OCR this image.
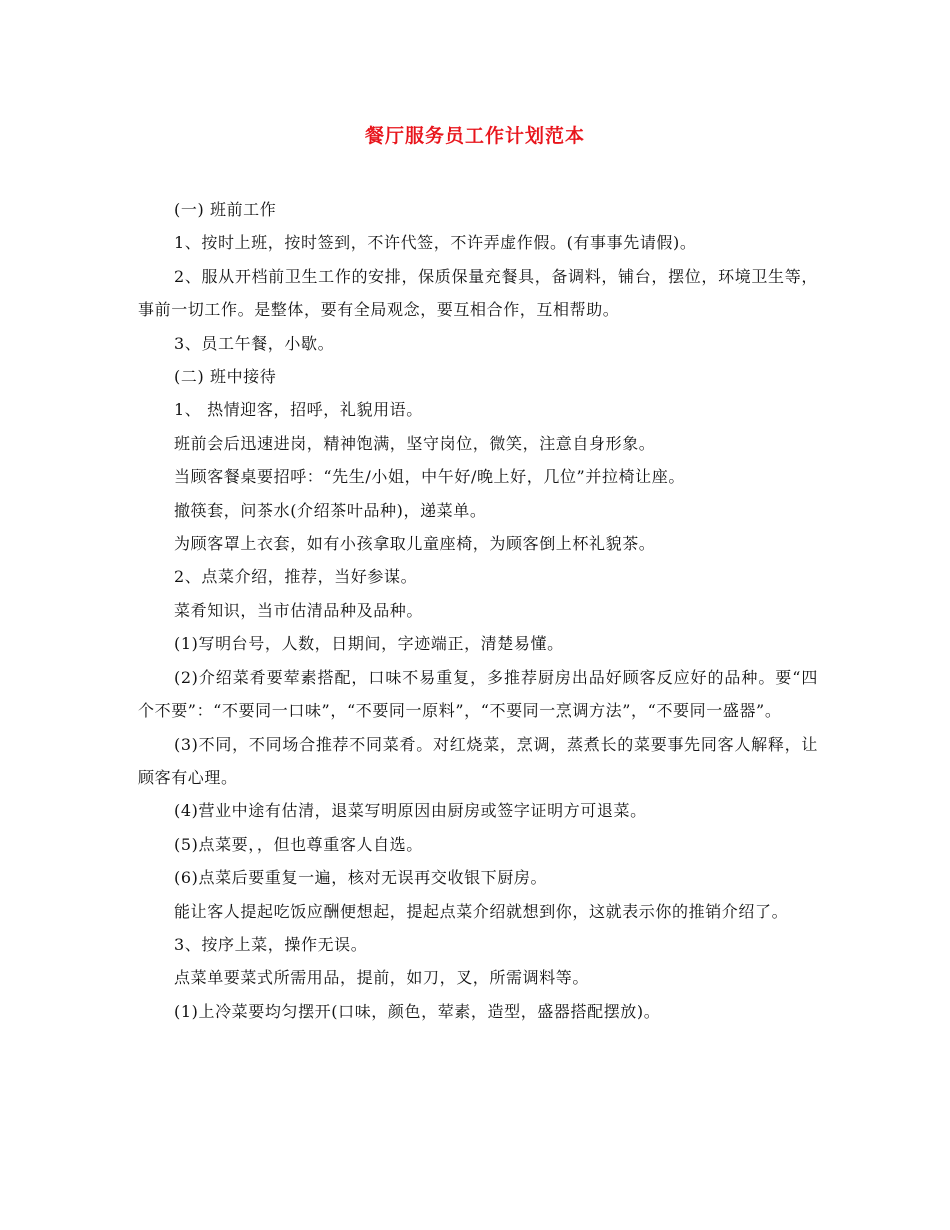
餐厅服务员工作计划范本

(一) 班前工作

1、按时上班，按时签到，不许代签，不许弄虚作假。(有事事先请假)。

2、服从开档前卫生工作的安排，保质保量充餐具，备调料，铺台，摆位，环境卫生等，事前一切工作。是整体，要有全局观念，要互相合作，互相帮助。

3、员工午餐，小歇。

(二) 班中接待

1、 热情迎客，招呼，礼貌用语。

班前会后迅速进岗，精神饱满，坚守岗位，微笑，注意自身形象。

当顾客餐桌要招呼：“先生/小姐，中午好/晚上好，几位”并拉椅让座。

撤筷套，问茶水(介绍茶叶品种)，递菜单。

为顾客罩上衣套，如有小孩拿取儿童座椅，为顾客倒上杯礼貌茶。

2、点菜介绍，推荐，当好参谋。

菜肴知识，当市估清品种及品种。

(1)写明台号，人数，日期间，字迹端正，清楚易懂。

(2)介绍菜肴要荤素搭配，口味不易重复，多推荐厨房出品好顾客反应好的品种。要“四个不要”：“不要同一口味”，“不要同一原料”，“不要同一烹调方法”，“不要同一盛器”。

(3)不同，不同场合推荐不同菜肴。对红烧菜，烹调，蒸煮长的菜要事先同客人解释，让顾客有心理。

(4)营业中途有估清，退菜写明原因由厨房或签字证明方可退菜。

(5)点菜要，，但也尊重客人自选。

(6)点菜后要重复一遍，核对无误再交收银下厨房。

能让客人提起吃饭应酬便想起，提起点菜介绍就想到你，这就表示你的推销介绍了。

3、按序上菜，操作无误。

点菜单要菜式所需用品，提前，如刀，叉，所需调料等。

(1)上冷菜要均匀摆开(口味，颜色，荤素，造型，盛器搭配摆放)。
